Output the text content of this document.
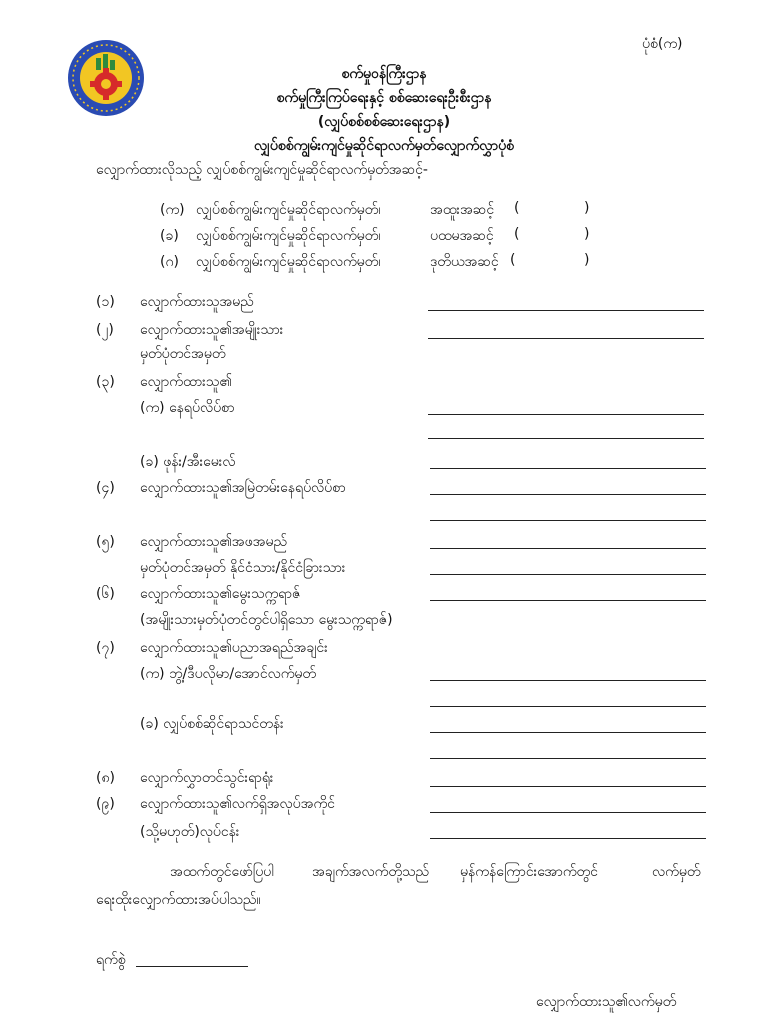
ပုံစံ(က)
စက်မှုဝန်ကြီးဌာန
စက်မှုကြီးကြပ်ရေးနှင့် စစ်ဆေးရေးဦးစီးဌာန
(လျှပ်စစ်စစ်ဆေးရေးဌာန)
လျှပ်စစ်ကျွမ်းကျင်မှုဆိုင်ရာလက်မှတ်လျှောက်လွှာပုံစံ
လျှောက်ထားလိုသည့် လျှပ်စစ်ကျွမ်းကျင်မှုဆိုင်ရာလက်မှတ်အဆင့်-
(က) လျှပ်စစ်ကျွမ်းကျင်မှုဆိုင်ရာလက်မှတ်၊	အထူးအဆင့် (	)
(ခ) လျှပ်စစ်ကျွမ်းကျင်မှုဆိုင်ရာလက်မှတ်၊	ပထမအဆင့် (	)
(ဂ) လျှပ်စစ်ကျွမ်းကျင်မှုဆိုင်ရာလက်မှတ်၊	ဒုတိယအဆင့် (	)
(၁) လျှောက်ထားသူအမည်
(၂) လျှောက်ထားသူ၏အမျိုးသား
မှတ်ပုံတင်အမှတ်
(၃) လျှောက်ထားသူ၏
(က) နေရပ်လိပ်စာ
(ခ) ဖုန်း/အီးမေးလ်
(၄) လျှောက်ထားသူ၏အမြဲတမ်းနေရပ်လိပ်စာ
(၅) လျှောက်ထားသူ၏အဖအမည်
မှတ်ပုံတင်အမှတ် နိုင်ငံသား/နိုင်ငံခြားသား
(၆) လျှောက်ထားသူ၏မွေးသက္ကရာဇ်
(အမျိုးသားမှတ်ပုံတင်တွင်ပါရှိသော မွေးသက္ကရာဇ်)
(၇) လျှောက်ထားသူ၏ပညာအရည်အချင်း
(က) ဘွဲ့/ဒီပလိုမာ/အောင်လက်မှတ်
(ခ) လျှပ်စစ်ဆိုင်ရာသင်တန်း
(၈) လျှောက်လွှာတင်သွင်းရာရုံး
(၉) လျှောက်ထားသူ၏လက်ရှိအလုပ်အကိုင်
(သို့မဟုတ်)လုပ်ငန်း
အထက်တွင်ဖော်ပြပါ	အချက်အလက်တို့သည် မှန်ကန်ကြောင်းအောက်တွင်	လက်မှတ်
ရေးထိုးလျှောက်ထားအပ်ပါသည်။
ရက်စွဲ
လျှောက်ထားသူ၏လက်မှတ်
